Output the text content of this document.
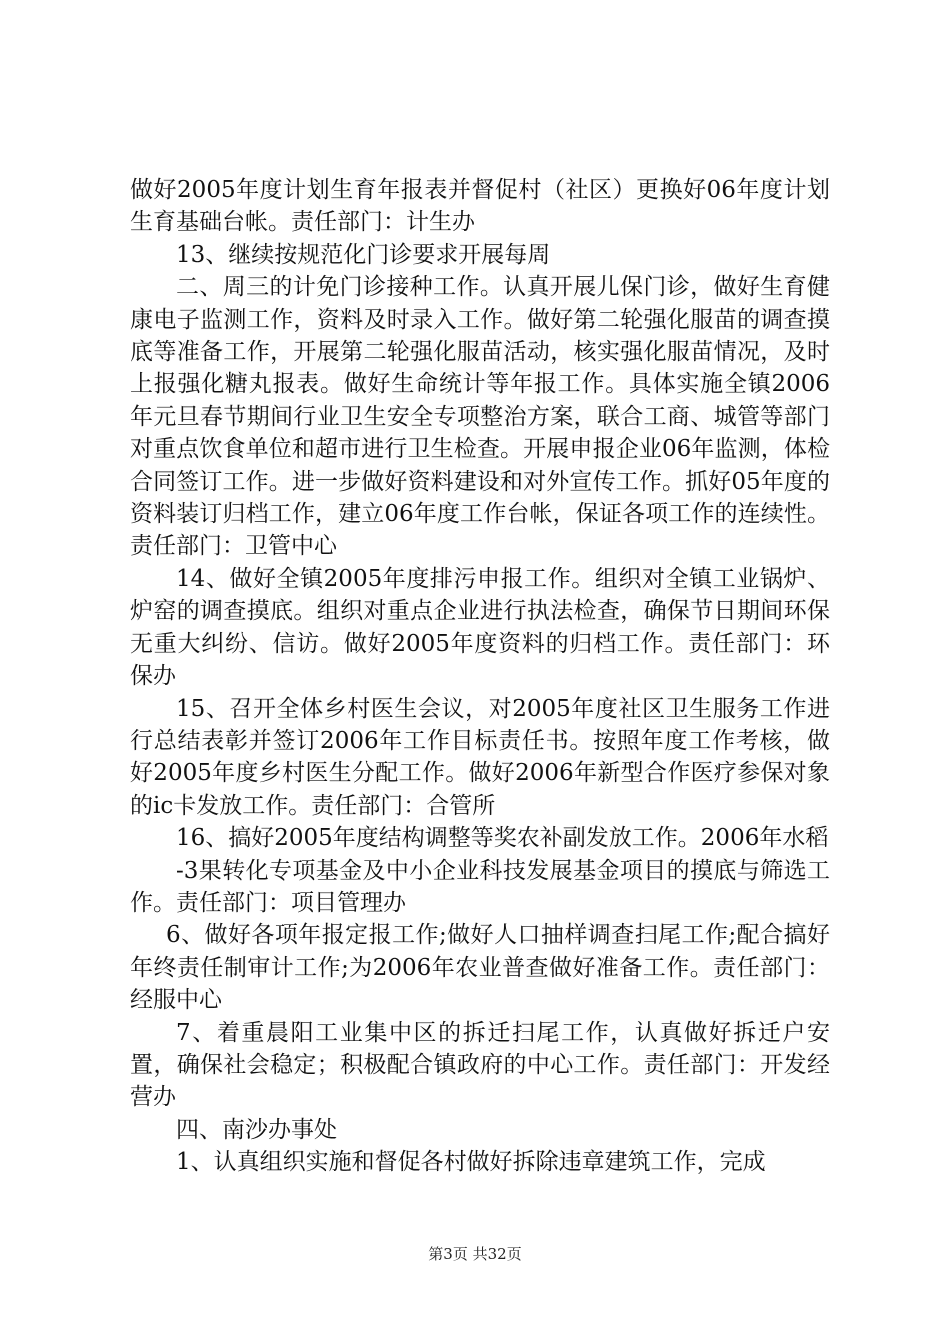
做好2005年度计划生育年报表并督促村（社区）更换好06年度计划生育基础台帐。责任部门：计生办

13、继续按规范化门诊要求开展每周

二、周三的计免门诊接种工作。认真开展儿保门诊，做好生育健康电子监测工作，资料及时录入工作。做好第二轮强化服苗的调查摸底等准备工作，开展第二轮强化服苗活动，核实强化服苗情况，及时上报强化糖丸报表。做好生命统计等年报工作。具体实施全镇2006年元旦春节期间行业卫生安全专项整治方案，联合工商、城管等部门对重点饮食单位和超市进行卫生检查。开展申报企业06年监测，体检合同签订工作。进一步做好资料建设和对外宣传工作。抓好05年度的资料装订归档工作，建立06年度工作台帐，保证各项工作的连续性。责任部门：卫管中心

14、做好全镇2005年度排污申报工作。组织对全镇工业锅炉、炉窑的调查摸底。组织对重点企业进行执法检查，确保节日期间环保无重大纠纷、信访。做好2005年度资料的归档工作。责任部门：环保办

15、召开全体乡村医生会议，对2005年度社区卫生服务工作进行总结表彰并签订2006年工作目标责任书。按照年度工作考核，做好2005年度乡村医生分配工作。做好2006年新型合作医疗参保对象的ic卡发放工作。责任部门：合管所

16、搞好2005年度结构调整等奖农补副发放工作。2006年水稻

-3果转化专项基金及中小企业科技发展基金项目的摸底与筛选工作。责任部门：项目管理办

6、做好各项年报定报工作;做好人口抽样调查扫尾工作;配合搞好年终责任制审计工作;为2006年农业普查做好准备工作。责任部门：经服中心

7、着重晨阳工业集中区的拆迁扫尾工作，认真做好拆迁户安置，确保社会稳定；积极配合镇政府的中心工作。责任部门：开发经营办

四、南沙办事处

1、认真组织实施和督促各村做好拆除违章建筑工作，完成

第3页 共32页
